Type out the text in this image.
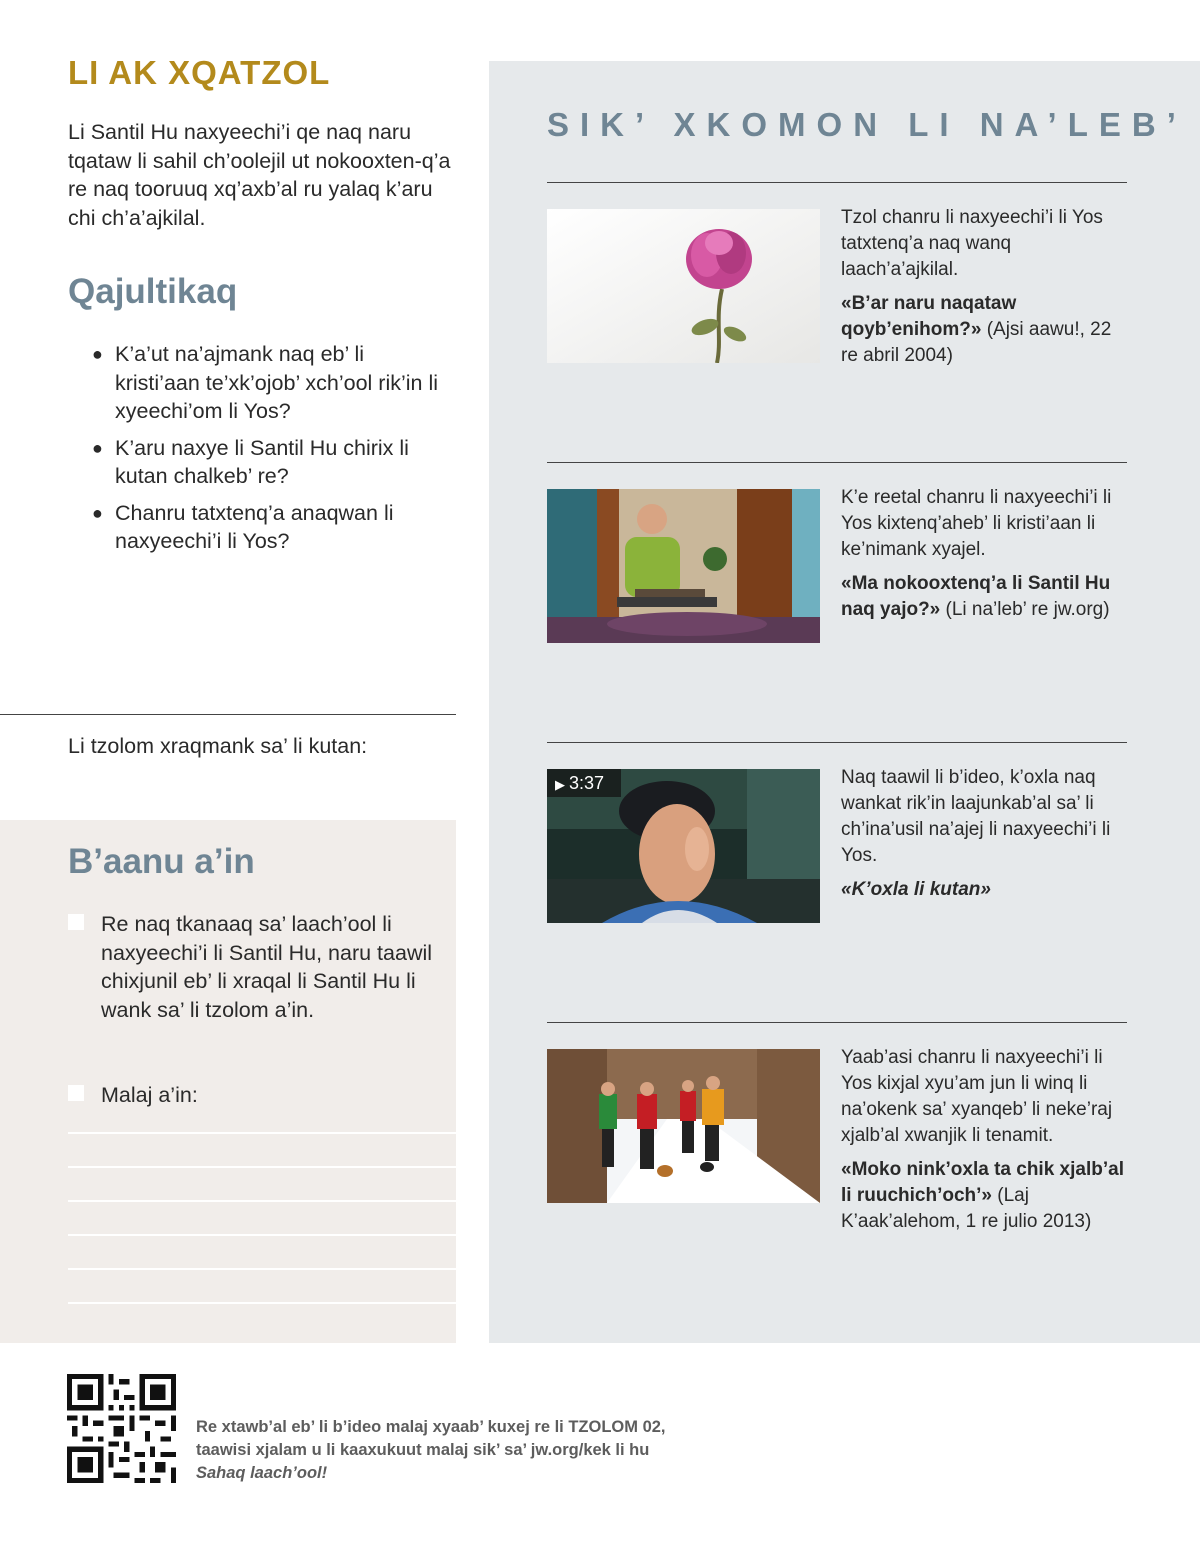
LI AK XQATZOL

Li Santil Hu naxyeechi’i qe naq naru tqataw li sahil ch’oolejil ut nokooxten-q’a re naq tooruuq xq’axb’al ru yalaq k’aru chi ch’a’ajkilal.

Qajultikaq
● K’a’ut na’ajmank naq eb’ li kristi’aan te’xk’ojob’ xch’ool rik’in li xyeechi’om li Yos?
● K’aru naxye li Santil Hu chirix li kutan chalkeb’ re?
● Chanru tatxtenq’a anaqwan li naxyeechi’i li Yos?

Li tzolom xraqmank sa’ li kutan:

B’aanu a’in
Re naq tkanaaq sa’ laach’ool li naxyeechi’i li Santil Hu, naru taawil chixjunil eb’ li xraqal li Santil Hu li wank sa’ li tzolom a’in.
Malaj a’in:
SIK’ XKOMON LI NA’LEB’

Tzol chanru li naxyeechi’i li Yos tatxtenq’a naq wanq laach’a’ajkilal.

«B’ar naru naqataw qoyb’enihom?» (Ajsi aawu!, 22 re abril 2004)

K’e reetal chanru li naxyeechi’i li Yos kixtenq’aheb’ li kristi’aan li ke’nimank xyajel.

«Ma nokooxtenq’a li Santil Hu naq yajo?» (Li na’leb’ re jw.org)

▶ 3:37	Naq taawil li b’ideo, k’oxla naq wankat rik’in laajunkab’al sa’ li ch’ina’usil na’ajej li naxyeechi’i li Yos.

«K’oxla li kutan»

Yaab’asi chanru li naxyeechi’i li Yos kixjal xyu’am jun li winq li na’okenk sa’ xyanqeb’ li neke’raj xjalb’al xwanjik li tenamit.

«Moko nink’oxla ta chik xjalb’al li ruuchich’och’» (Laj K’aak’alehom, 1 re julio 2013)

Re xtawb’al eb’ li b’ideo malaj xyaab’ kuxej re li TZOLOM 02,
taawisi xjalam u li kaaxukuut malaj sik’ sa’ jw.org/kek li hu
Sahaq laach’ool!
